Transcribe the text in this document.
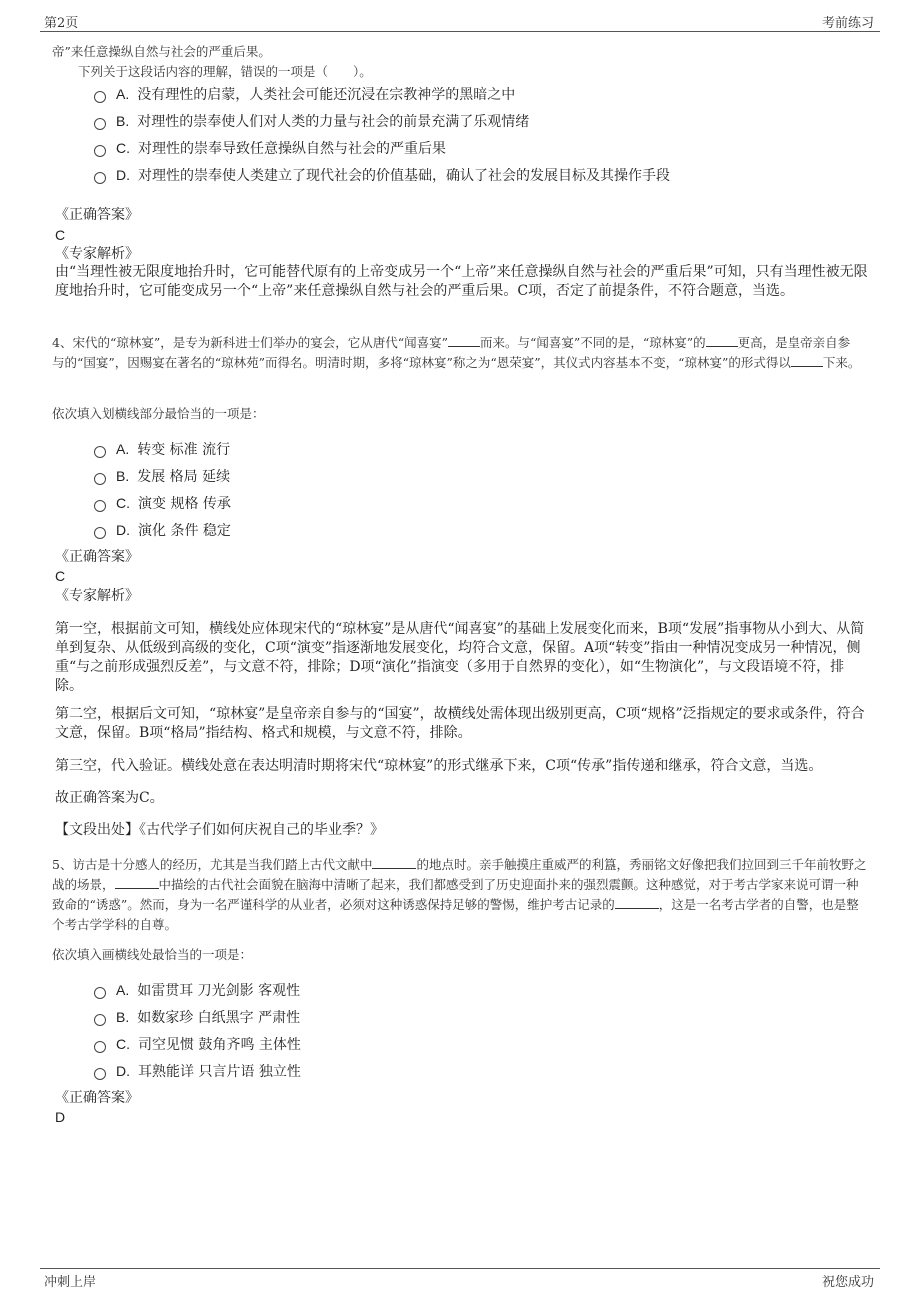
第2页	考前练习
帝”来任意操纵自然与社会的严重后果。
下列关于这段话内容的理解，错误的一项是（　　）。
A. 没有理性的启蒙，人类社会可能还沉浸在宗教神学的黑暗之中
B. 对理性的崇奉使人们对人类的力量与社会的前景充满了乐观情绪
C. 对理性的崇奉导致任意操纵自然与社会的严重后果
D. 对理性的崇奉使人类建立了现代社会的价值基础，确认了社会的发展目标及其操作手段
《正确答案》
C
《专家解析》
由“当理性被无限度地抬升时，它可能替代原有的上帝变成另一个“上帝”来任意操纵自然与社会的严重后果”可知，只有当理性被无限度地抬升时，它可能变成另一个“上帝”来任意操纵自然与社会的严重后果。C项，否定了前提条件，不符合题意，当选。
4、宋代的“琼林宴”，是专为新科进士们举办的宴会，它从唐代“闻喜宴”	而来。与“闻喜宴”不同的是，“琼林宴”的	更高，是皇帝亲自参与的“国宴”，因赐宴在著名的“琼林苑”而得名。明清时期，多将“琼林宴”称之为“恩荣宴”，其仪式内容基本不变，“琼林宴”的形式得以	下来。
依次填入划横线部分最恰当的一项是：
A. 转变 标准 流行
B. 发展 格局 延续
C. 演变 规格 传承
D. 演化 条件 稳定
《正确答案》
C
《专家解析》
第一空，根据前文可知，横线处应体现宋代的“琼林宴”是从唐代“闻喜宴”的基础上发展变化而来，B项“发展”指事物从小到大、从简单到复杂、从低级到高级的变化，C项“演变”指逐渐地发展变化，均符合文意，保留。A项“转变”指由一种情况变成另一种情况，侧重“与之前形成强烈反差”，与文意不符，排除；D项“演化”指演变（多用于自然界的变化），如“生物演化”，与文段语境不符，排除。
第二空，根据后文可知，“琼林宴”是皇帝亲自参与的“国宴”，故横线处需体现出级别更高，C项“规格”泛指规定的要求或条件，符合文意，保留。B项“格局”指结构、格式和规模，与文意不符，排除。
第三空，代入验证。横线处意在表达明清时期将宋代“琼林宴”的形式继承下来，C项“传承”指传递和继承，符合文意，当选。
故正确答案为C。
【文段出处】《古代学子们如何庆祝自己的毕业季？》
5、访古是十分感人的经历，尤其是当我们踏上古代文献中	的地点时。亲手触摸庄重威严的利簋，秀丽铭文好像把我们拉回到三千年前牧野之战的场景，	中描绘的古代社会面貌在脑海中清晰了起来，我们都感受到了历史迎面扑来的强烈震颤。这种感觉，对于考古学家来说可谓一种致命的“诱惑”。然而，身为一名严谨科学的从业者，必须对这种诱惑保持足够的警惕，维护考古记录的	，这是一名考古学者的自警，也是整个考古学学科的自尊。
依次填入画横线处最恰当的一项是：
A. 如雷贯耳 刀光剑影 客观性
B. 如数家珍 白纸黑字 严肃性
C. 司空见惯 鼓角齐鸣 主体性
D. 耳熟能详 只言片语 独立性
《正确答案》
D
冲刺上岸	祝您成功
